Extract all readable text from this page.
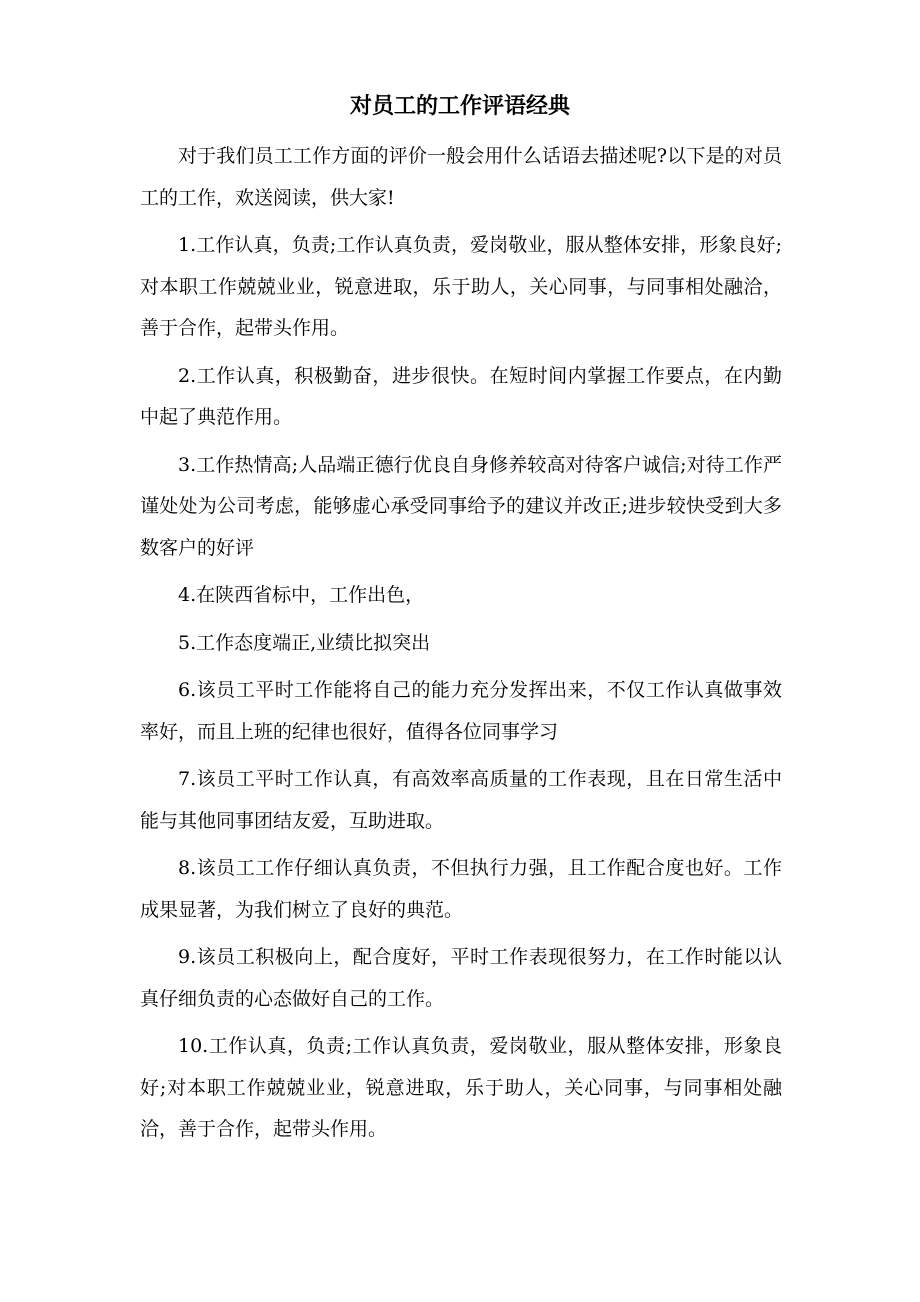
对员工的工作评语经典

对于我们员工工作方面的评价一般会用什么话语去描述呢?以下是的对员工的工作，欢送阅读，供大家!

1.工作认真，负责;工作认真负责，爱岗敬业，服从整体安排，形象良好;对本职工作兢兢业业，锐意进取，乐于助人，关心同事，与同事相处融洽，善于合作，起带头作用。

2.工作认真，积极勤奋，进步很快。在短时间内掌握工作要点，在内勤中起了典范作用。

3.工作热情高;人品端正德行优良自身修养较高对待客户诚信;对待工作严谨处处为公司考虑，能够虚心承受同事给予的建议并改正;进步较快受到大多数客户的好评

4.在陕西省标中，工作出色，

5.工作态度端正,业绩比拟突出

6.该员工平时工作能将自己的能力充分发挥出来，不仅工作认真做事效率好，而且上班的纪律也很好，值得各位同事学习

7.该员工平时工作认真，有高效率高质量的工作表现，且在日常生活中能与其他同事团结友爱，互助进取。

8.该员工工作仔细认真负责，不但执行力强，且工作配合度也好。工作成果显著，为我们树立了良好的典范。

9.该员工积极向上，配合度好，平时工作表现很努力，在工作时能以认真仔细负责的心态做好自己的工作。

10.工作认真，负责;工作认真负责，爱岗敬业，服从整体安排，形象良好;对本职工作兢兢业业，锐意进取，乐于助人，关心同事，与同事相处融洽，善于合作，起带头作用。
